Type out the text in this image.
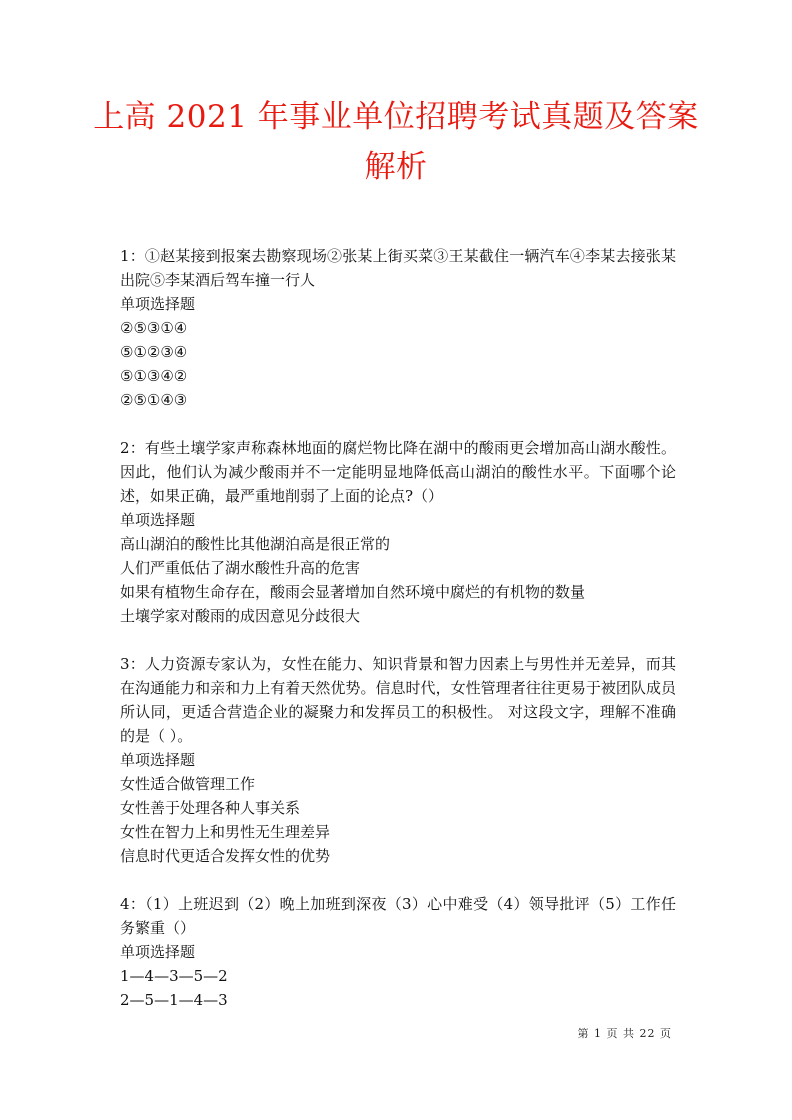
上高 2021 年事业单位招聘考试真题及答案
解析

1：①赵某接到报案去勘察现场②张某上街买菜③王某截住一辆汽车④李某去接张某出院⑤李某酒后驾车撞一行人

单项选择题

②⑤③①④

⑤①②③④

⑤①③④②

②⑤①④③

2：有些土壤学家声称森林地面的腐烂物比降在湖中的酸雨更会增加高山湖水酸性。因此，他们认为减少酸雨并不一定能明显地降低高山湖泊的酸性水平。下面哪个论述，如果正确，最严重地削弱了上面的论点?（）

单项选择题

高山湖泊的酸性比其他湖泊高是很正常的

人们严重低估了湖水酸性升高的危害

如果有植物生命存在，酸雨会显著增加自然环境中腐烂的有机物的数量

土壤学家对酸雨的成因意见分歧很大

3：人力资源专家认为，女性在能力、知识背景和智力因素上与男性并无差异，而其在沟通能力和亲和力上有着天然优势。信息时代，女性管理者往往更易于被团队成员所认同，更适合营造企业的凝聚力和发挥员工的积极性。 对这段文字，理解不准确的是（ ）。

单项选择题

女性适合做管理工作

女性善于处理各种人事关系

女性在智力上和男性无生理差异

信息时代更适合发挥女性的优势

4：（1）上班迟到（2）晚上加班到深夜（3）心中难受（4）领导批评（5）工作任务繁重（）

单项选择题

1—4—3—5—2

2—5—1—4—3

第 1 页 共 22 页
